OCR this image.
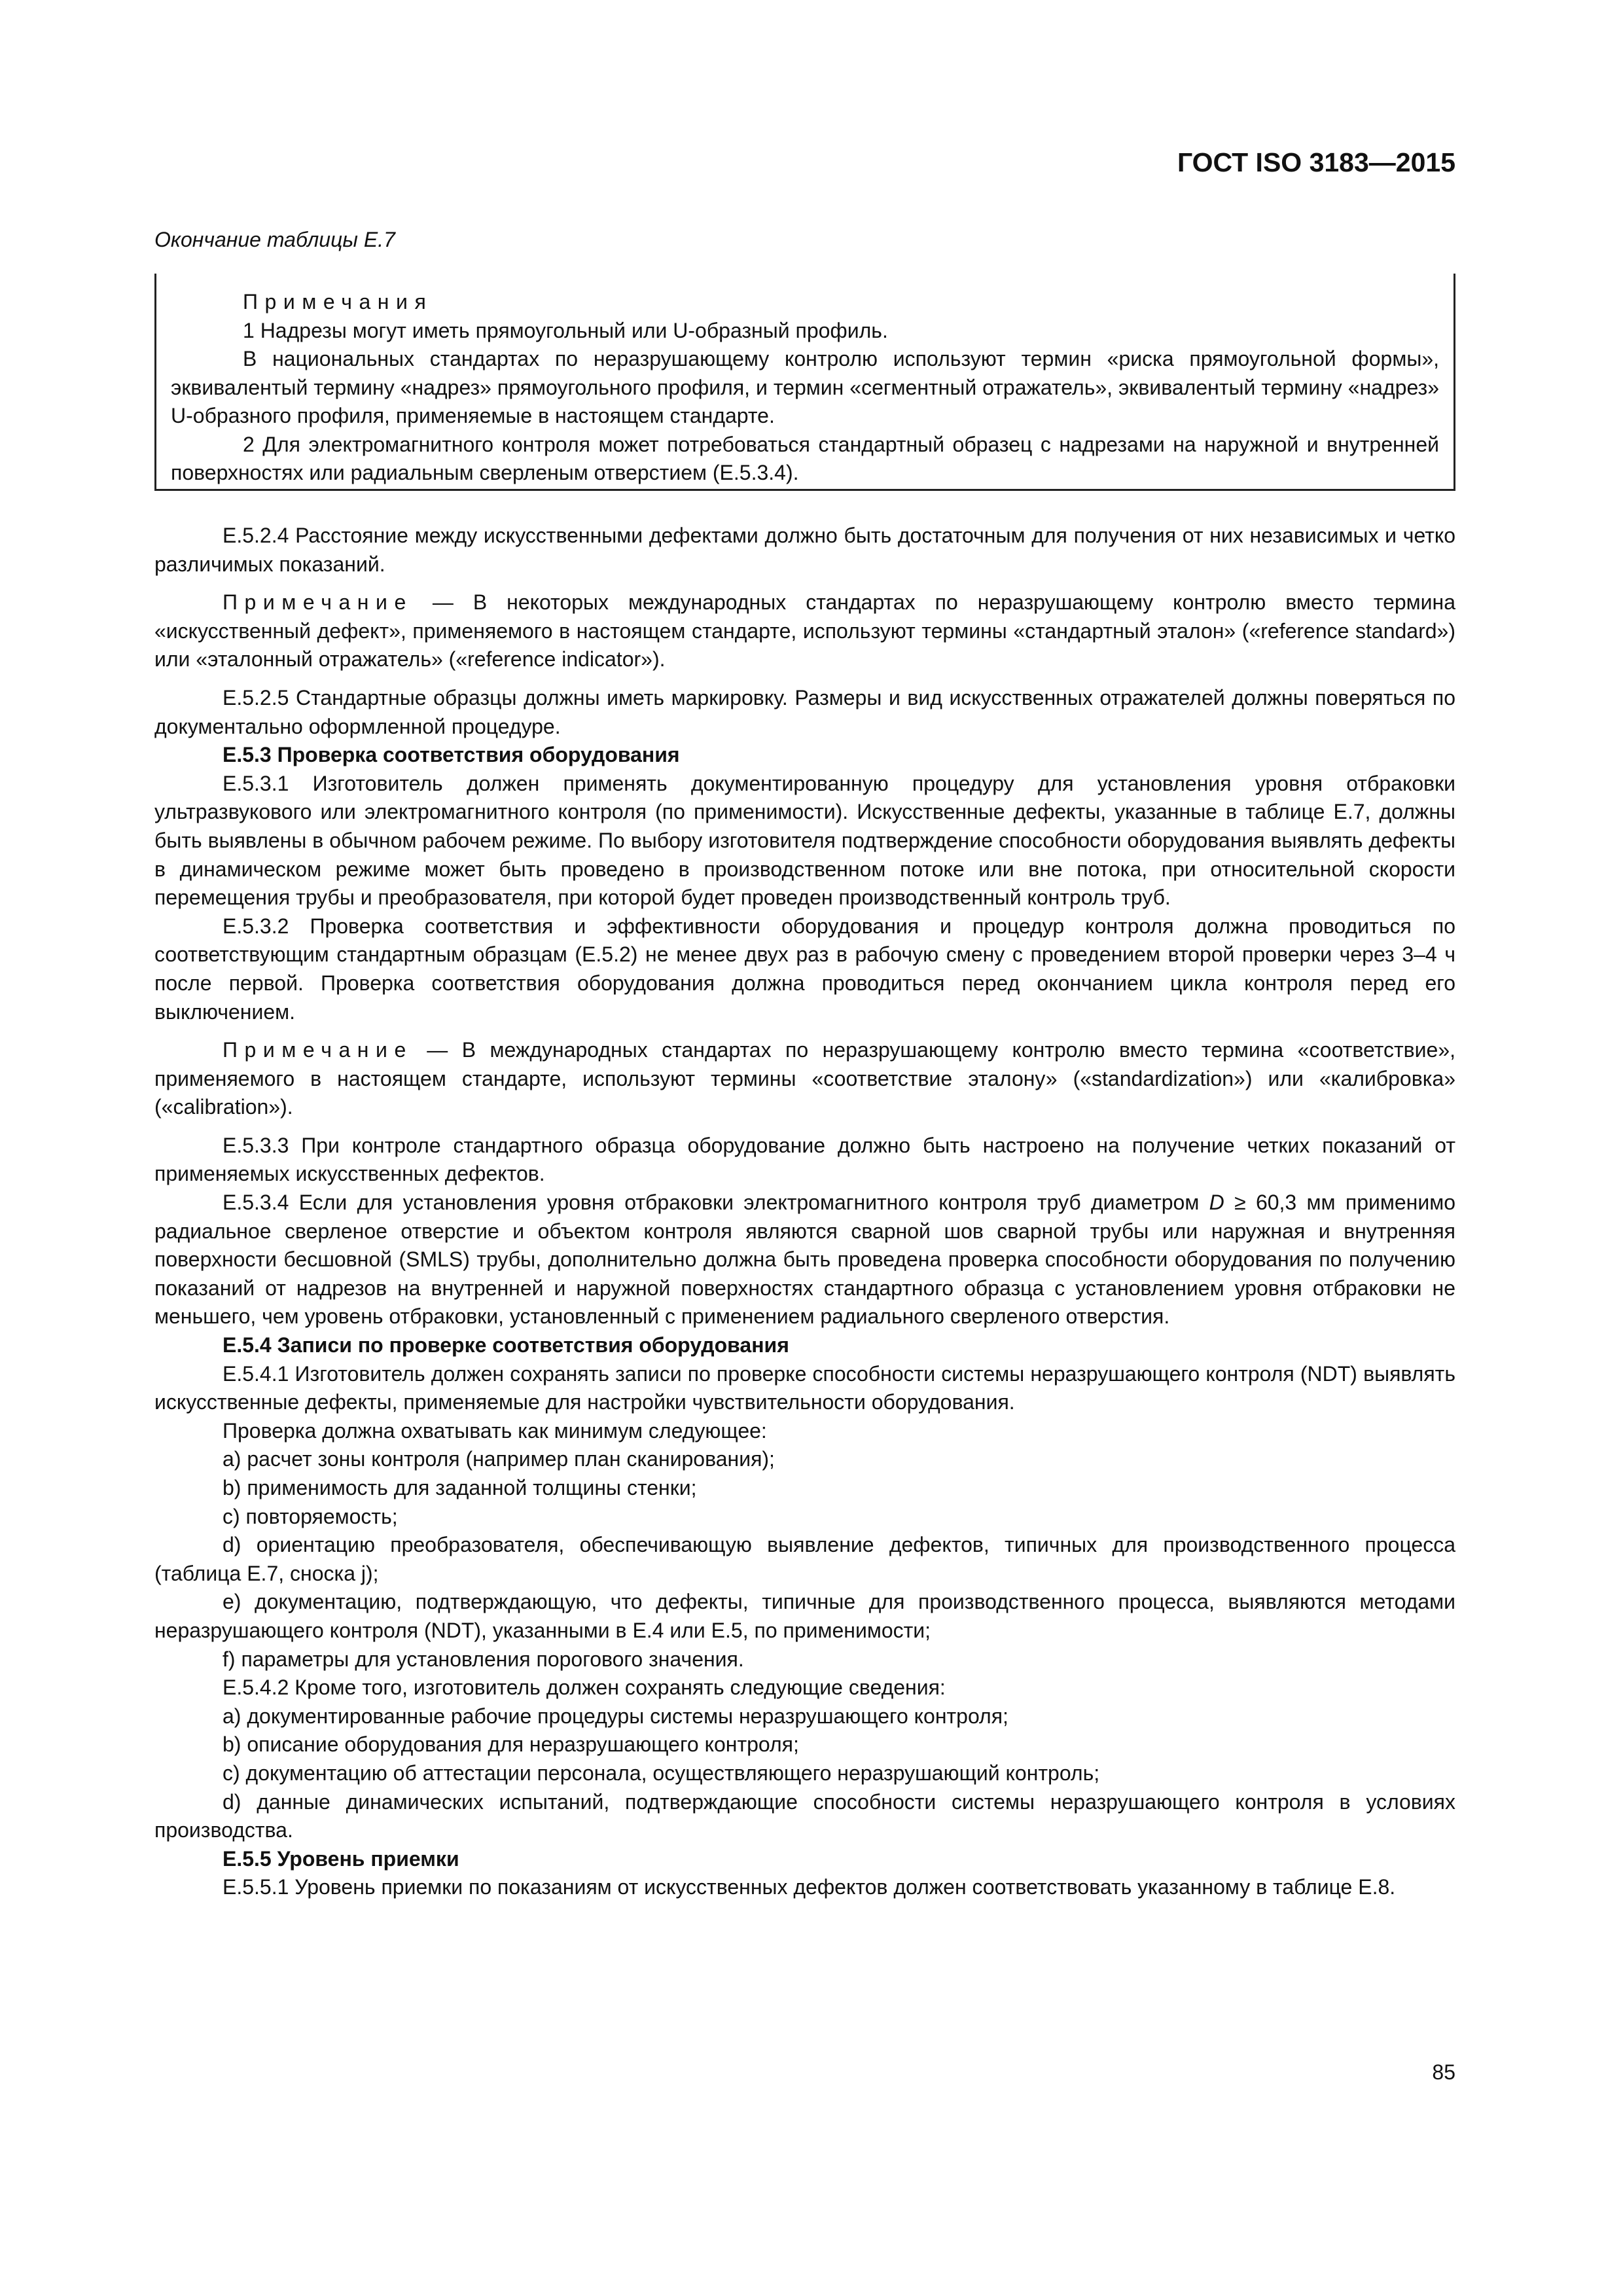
ГОСТ ISO 3183—2015
Окончание таблицы Е.7

Примечания

1 Надрезы могут иметь прямоугольный или U-образный профиль.

В национальных стандартах по неразрушающему контролю используют термин «риска прямоугольной формы», эквивалентый термину «надрез» прямоугольного профиля, и термин «сегментный отражатель», эквивалентый термину «надрез» U-образного профиля, применяемые в настоящем стандарте.

2 Для электромагнитного контроля может потребоваться стандартный образец с надрезами на наружной и внутренней поверхностях или радиальным сверленым отверстием (Е.5.3.4).

Е.5.2.4 Расстояние между искусственными дефектами должно быть достаточным для получения от них независимых и четко различимых показаний.

Примечание — В некоторых международных стандартах по неразрушающему контролю вместо термина «искусственный дефект», применяемого в настоящем стандарте, используют термины «стандартный эталон» («reference standard») или «эталонный отражатель» («reference indicator»).

Е.5.2.5 Стандартные образцы должны иметь маркировку. Размеры и вид искусственных отражателей должны поверяться по документально оформленной процедуре.

Е.5.3 Проверка соответствия оборудования

Е.5.3.1 Изготовитель должен применять документированную процедуру для установления уровня отбраковки ультразвукового или электромагнитного контроля (по применимости). Искусственные дефекты, указанные в таблице Е.7, должны быть выявлены в обычном рабочем режиме. По выбору изготовителя подтверждение способности оборудования выявлять дефекты в динамическом режиме может быть проведено в производственном потоке или вне потока, при относительной скорости перемещения трубы и преобразователя, при которой будет проведен производственный контроль труб.

Е.5.3.2 Проверка соответствия и эффективности оборудования и процедур контроля должна проводиться по соответствующим стандартным образцам (Е.5.2) не менее двух раз в рабочую смену с проведением второй проверки через 3–4 ч после первой. Проверка соответствия оборудования должна проводиться перед окончанием цикла контроля перед его выключением.

Примечание — В международных стандартах по неразрушающему контролю вместо термина «соответствие», применяемого в настоящем стандарте, используют термины «соответствие эталону» («standardization») или «калибровка» («calibration»).

Е.5.3.3 При контроле стандартного образца оборудование должно быть настроено на получение четких показаний от применяемых искусственных дефектов.

Е.5.3.4 Если для установления уровня отбраковки электромагнитного контроля труб диаметром D ≥ 60,3 мм применимо радиальное сверленое отверстие и объектом контроля являются сварной шов сварной трубы или наружная и внутренняя поверхности бесшовной (SMLS) трубы, дополнительно должна быть проведена проверка способности оборудования по получению показаний от надрезов на внутренней и наружной поверхностях стандартного образца с установлением уровня отбраковки не меньшего, чем уровень отбраковки, установленный с применением радиального сверленого отверстия.

Е.5.4 Записи по проверке соответствия оборудования

Е.5.4.1 Изготовитель должен сохранять записи по проверке способности системы неразрушающего контроля (NDT) выявлять искусственные дефекты, применяемые для настройки чувствительности оборудования.

Проверка должна охватывать как минимум следующее:

a) расчет зоны контроля (например план сканирования);

b) применимость для заданной толщины стенки;

c) повторяемость;

d) ориентацию преобразователя, обеспечивающую выявление дефектов, типичных для производственного процесса (таблица Е.7, сноска j);

e) документацию, подтверждающую, что дефекты, типичные для производственного процесса, выявляются методами неразрушающего контроля (NDT), указанными в Е.4 или Е.5, по применимости;

f) параметры для установления порогового значения.

Е.5.4.2 Кроме того, изготовитель должен сохранять следующие сведения:

a) документированные рабочие процедуры системы неразрушающего контроля;

b) описание оборудования для неразрушающего контроля;

c) документацию об аттестации персонала, осуществляющего неразрушающий контроль;

d) данные динамических испытаний, подтверждающие способности системы неразрушающего контроля в условиях производства.

Е.5.5 Уровень приемки

Е.5.5.1 Уровень приемки по показаниям от искусственных дефектов должен соответствовать указанному в таблице Е.8.

85
